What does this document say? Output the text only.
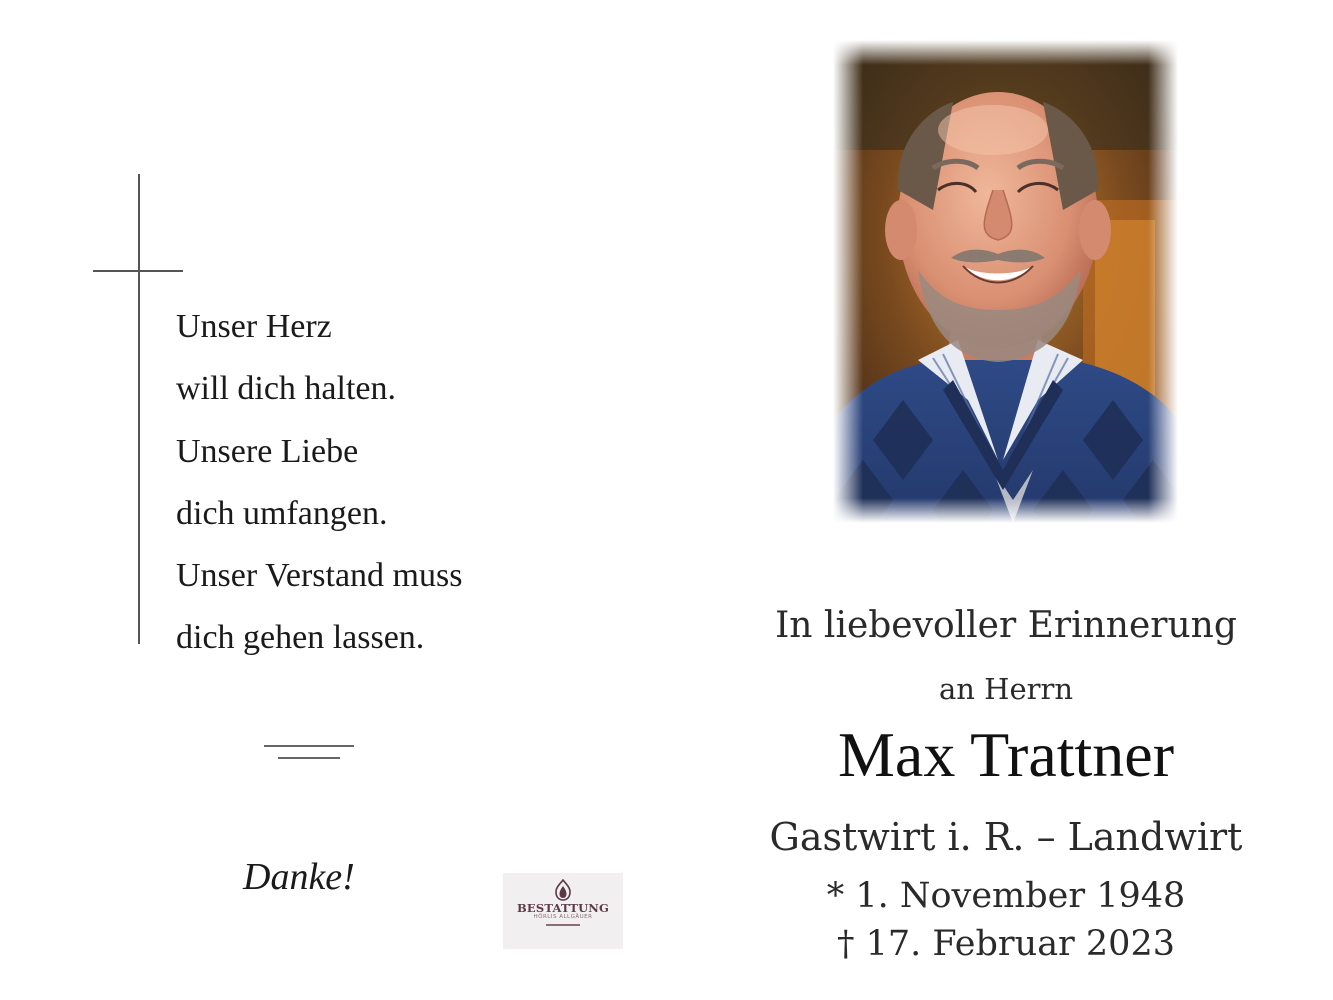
Unser Herz
will dich halten.
Unsere Liebe
dich umfangen.
Unser Verstand muss
dich gehen lassen.
Danke!
BESTATTUNG
HÖRLIS ALLGÄUER
In liebevoller Erinnerung
an Herrn
Max Trattner
Gastwirt i. R. – Landwirt
* 1. November 1948
† 17. Februar 2023
